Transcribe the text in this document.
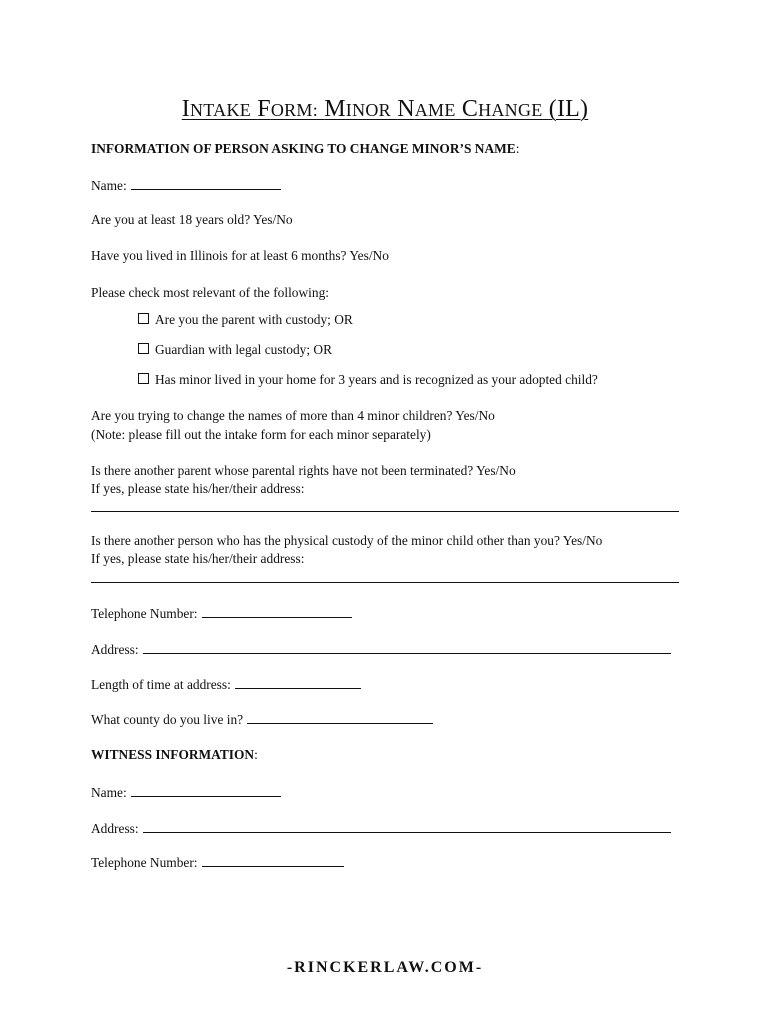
INTAKE FORM: MINOR NAME CHANGE (IL)
INFORMATION OF PERSON ASKING TO CHANGE MINOR’S NAME:
Name:
Are you at least 18 years old? Yes/No
Have you lived in Illinois for at least 6 months? Yes/No
Please check most relevant of the following:
Are you the parent with custody; OR
Guardian with legal custody; OR
Has minor lived in your home for 3 years and is recognized as your adopted child?
Are you trying to change the names of more than 4 minor children? Yes/No
(Note: please fill out the intake form for each minor separately)
Is there another parent whose parental rights have not been terminated? Yes/No
If yes, please state his/her/their address:
Is there another person who has the physical custody of the minor child other than you? Yes/No
If yes, please state his/her/their address:
Telephone Number:
Address:
Length of time at address:
What county do you live in?
WITNESS INFORMATION:
Name:
Address:
Telephone Number:
-RINCKERLAW.COM-
